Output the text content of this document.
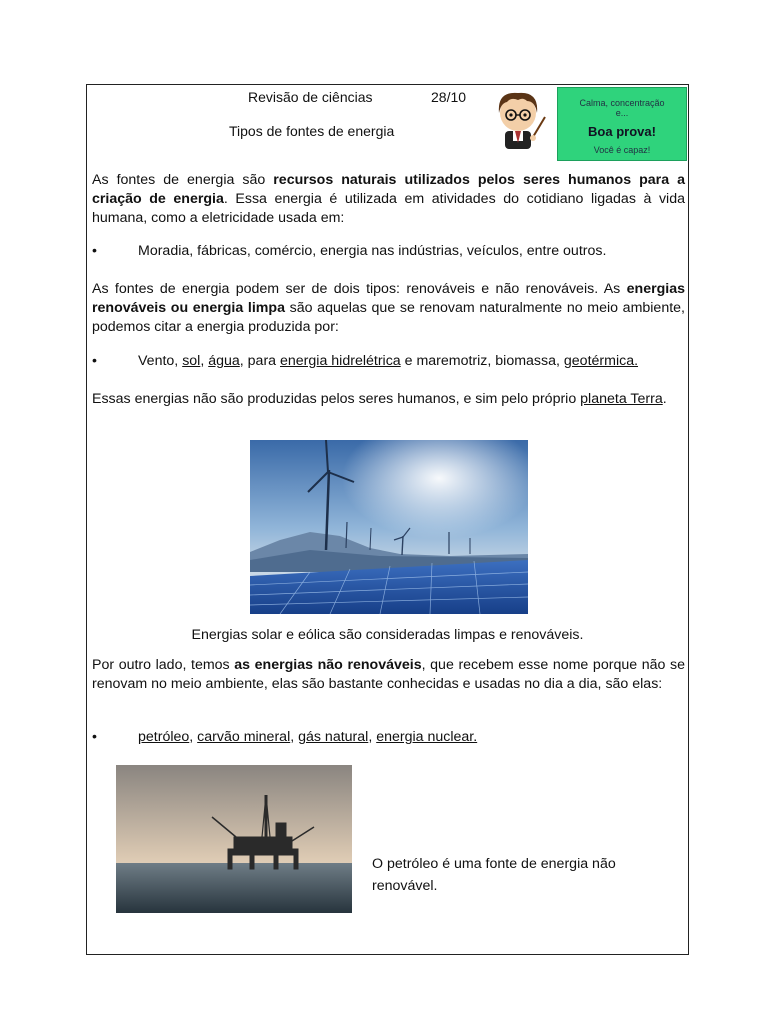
Revisão de ciências	28/10
Tipos de fontes de energia
Calma, concentração
e...
Boa prova!
Você é capaz!
As fontes de energia são recursos naturais utilizados pelos seres humanos para a criação de energia. Essa energia é utilizada em atividades do cotidiano ligadas à vida humana, como a eletricidade usada em:
•	Moradia, fábricas, comércio, energia nas indústrias, veículos, entre outros.
As fontes de energia podem ser de dois tipos: renováveis e não renováveis. As energias renováveis ou energia limpa são aquelas que se renovam naturalmente no meio ambiente, podemos citar a energia produzida por:
•	Vento, sol, água, para energia hidrelétrica e maremotriz, biomassa, geotérmica.
Essas energias não são produzidas pelos seres humanos, e sim pelo próprio planeta Terra.
Energias solar e eólica são consideradas limpas e renováveis.
Por outro lado, temos as energias não renováveis, que recebem esse nome porque não se renovam no meio ambiente, elas são bastante conhecidas e usadas no dia a dia, são elas:
•	petróleo, carvão mineral, gás natural, energia nuclear.
O petróleo é uma fonte de energia não renovável.
